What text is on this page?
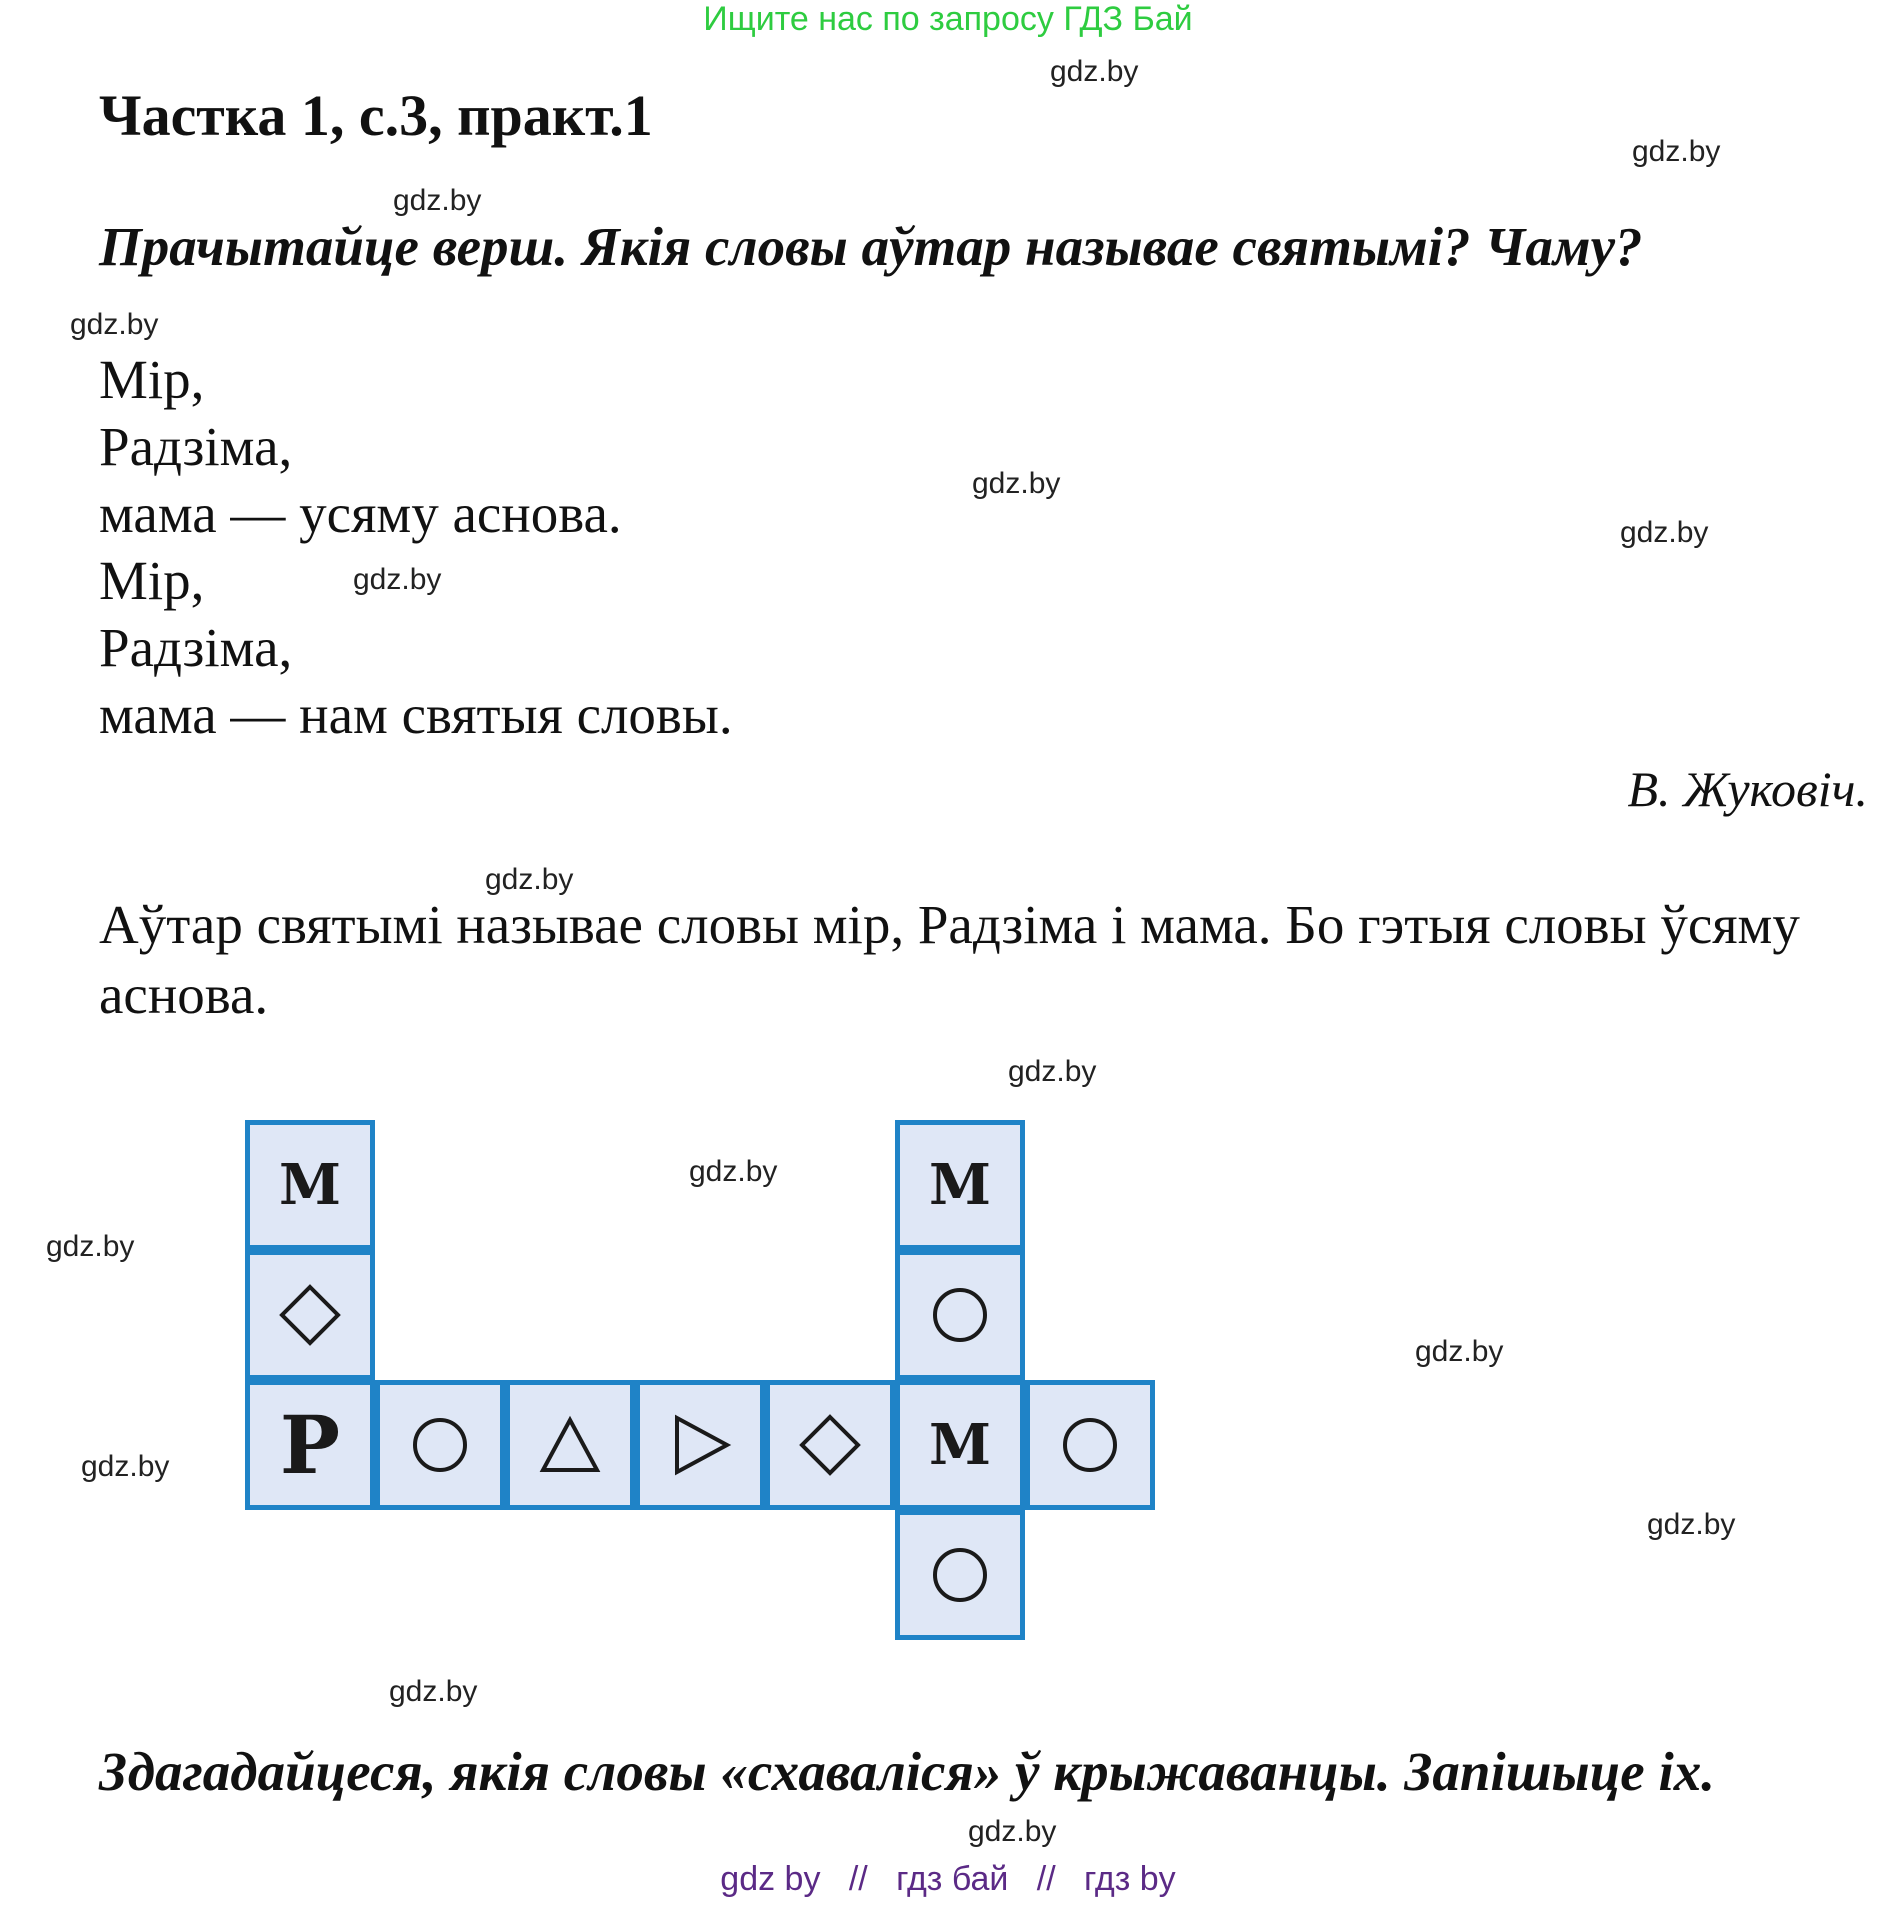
Ищите нас по запросу ГДЗ Бай
gdz.by
gdz.by
gdz.by
gdz.by
gdz.by
gdz.by
gdz.by
gdz.by
gdz.by
gdz.by
gdz.by
gdz.by
gdz.by
gdz.by
gdz.by
gdz.by
Частка 1, с.3, практ.1
Прачытайце верш. Якія словы аўтар называе святымі? Чаму?
Мір,
Радзіма,
мама — усяму аснова.
Мір,
Радзіма,
мама — нам святыя словы.
В. Жуковіч.
Аўтар святымі называе словы мір, Радзіма і мама. Бо гэтыя словы ўсяму аснова.
М
Р
М
М
Здагадайцеся, якія словы «схаваліся» ў крыжаванцы. Запішыце іх.
gdz by // гдз бай // гдз by
